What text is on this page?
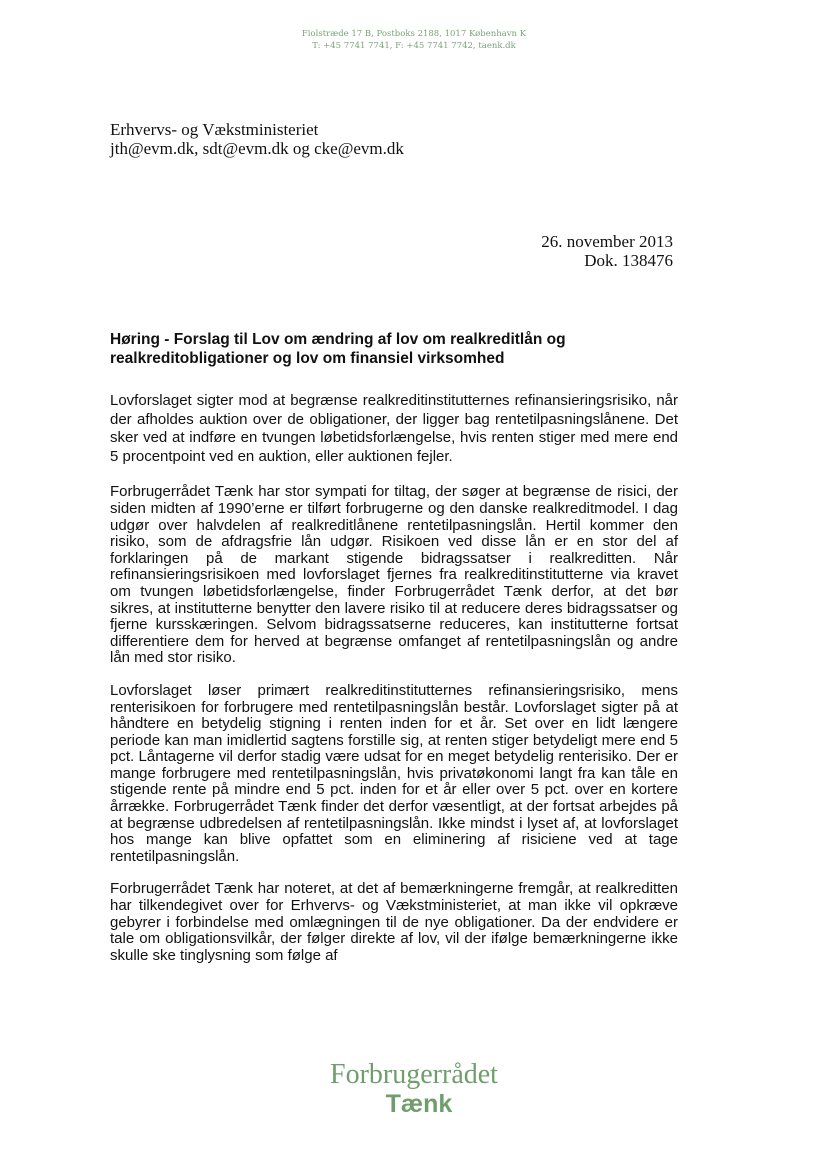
Fiolstræde 17 B, Postboks 2188, 1017 København K
T: +45 7741 7741, F: +45 7741 7742, taenk.dk
Erhvervs- og Vækstministeriet
jth@evm.dk, sdt@evm.dk og cke@evm.dk
26. november 2013
Dok. 138476
Høring - Forslag til Lov om ændring af lov om realkreditlån og
realkreditobligationer og lov om finansiel virksomhed

Lovforslaget sigter mod at begrænse realkreditinstitutternes refinansieringsrisiko, når der afholdes auktion over de obligationer, der ligger bag rentetilpasningslånene. Det sker ved at indføre en tvungen løbetidsforlængelse, hvis renten stiger med mere end 5 procentpoint ved en auktion, eller auktionen fejler.

Forbrugerrådet Tænk har stor sympati for tiltag, der søger at begrænse de risici, der siden midten af 1990’erne er tilført forbrugerne og den danske realkreditmodel. I dag udgør over halvdelen af realkreditlånene rentetilpasningslån. Hertil kommer den risiko, som de afdragsfrie lån udgør. Risikoen ved disse lån er en stor del af forklaringen på de markant stigende bidragssatser i realkreditten. Når refinansieringsrisikoen med lovforslaget fjernes fra realkreditinstitutterne via kravet om tvungen løbetidsforlængelse, finder Forbrugerrådet Tænk derfor, at det bør sikres, at institutterne benytter den lavere risiko til at reducere deres bidragssatser og fjerne kursskæringen. Selvom bidragssatserne reduceres, kan institutterne fortsat differentiere dem for herved at begrænse omfanget af rentetilpasningslån og andre lån med stor risiko.

Lovforslaget løser primært realkreditinstitutternes refinansieringsrisiko, mens renterisikoen for forbrugere med rentetilpasningslån består. Lovforslaget sigter på at håndtere en betydelig stigning i renten inden for et år. Set over en lidt længere periode kan man imidlertid sagtens forstille sig, at renten stiger betydeligt mere end 5 pct. Låntagerne vil derfor stadig være udsat for en meget betydelig renterisiko. Der er mange forbrugere med rentetilpasningslån, hvis privatøkonomi langt fra kan tåle en stigende rente på mindre end 5 pct. inden for et år eller over 5 pct. over en kortere årrække. Forbrugerrådet Tænk finder det derfor væsentligt, at der fortsat arbejdes på at begrænse udbredelsen af rentetilpasningslån. Ikke mindst i lyset af, at lovforslaget hos mange kan blive opfattet som en eliminering af risiciene ved at tage rentetilpasningslån.

Forbrugerrådet Tænk har noteret, at det af bemærkningerne fremgår, at realkreditten har tilkendegivet over for Erhvervs- og Vækstministeriet, at man ikke vil opkræve gebyrer i forbindelse med omlægningen til de nye obligationer. Da der endvidere er tale om obligationsvilkår, der følger direkte af lov, vil der ifølge bemærkningerne ikke skulle ske tinglysning som følge af

Forbrugerrådet
Tænk
